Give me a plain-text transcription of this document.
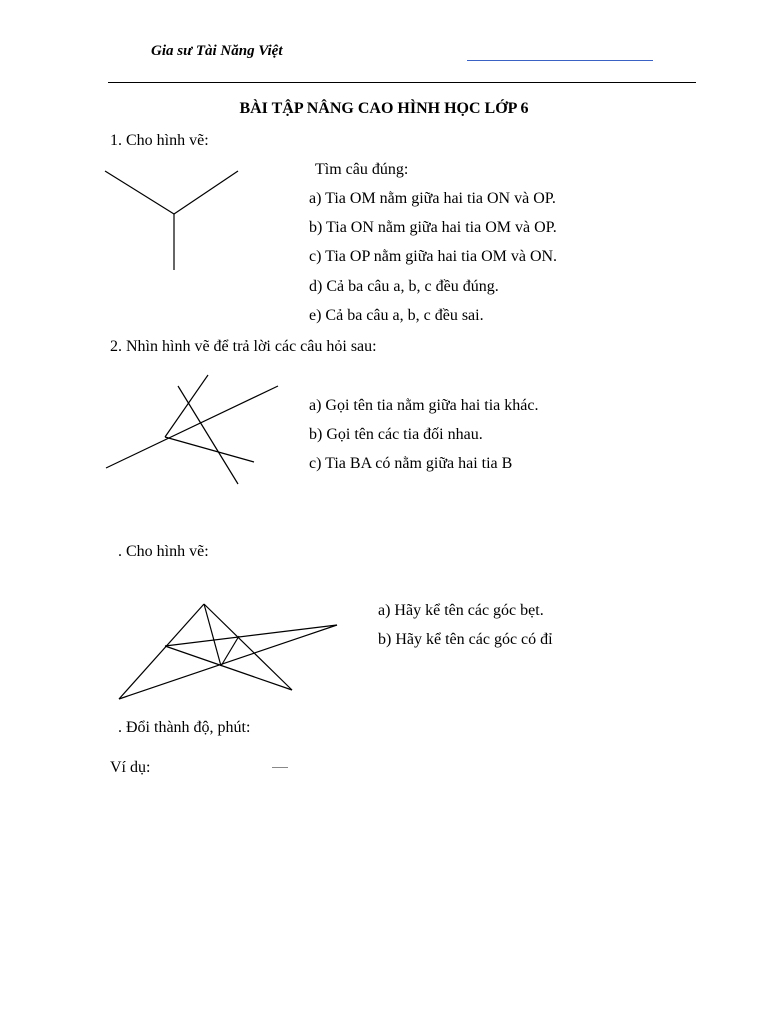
Gia sư Tài Năng Việt
BÀI TẬP NÂNG CAO HÌNH HỌC LỚP 6
1. Cho hình vẽ:
Tìm câu đúng:
a) Tia OM nằm giữa hai tia ON và OP.
b) Tia ON nằm giữa hai tia OM và OP.
c) Tia OP nằm giữa hai tia OM và ON.
d) Cả ba câu a, b, c đều đúng.
e) Cả ba câu a, b, c đều sai.
2. Nhìn hình vẽ để trả lời các câu hỏi sau:
a) Gọi tên tia nằm giữa hai tia khác.
b) Gọi tên các tia đối nhau.
c) Tia BA có nằm giữa hai tia B
. Cho hình vẽ:
a) Hãy kể tên các góc bẹt.
b) Hãy kể tên các góc có đỉ
. Đổi thành độ, phút:
Ví dụ:
